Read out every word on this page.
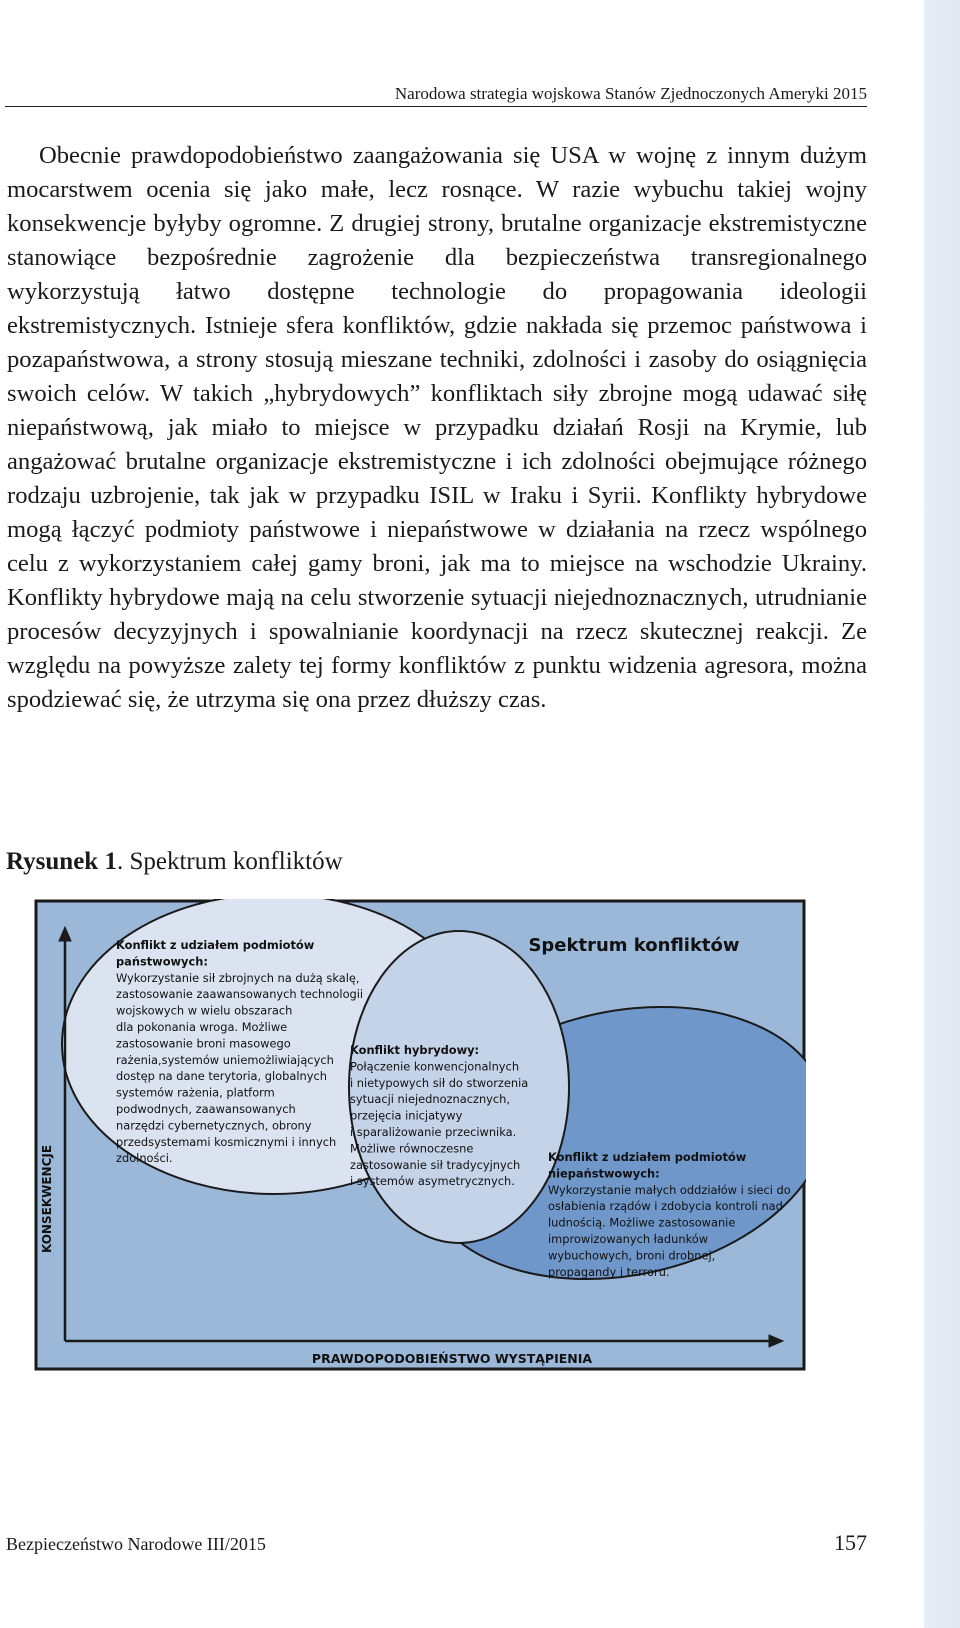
Narodowa strategia wojskowa Stanów Zjednoczonych Ameryki 2015

Obecnie prawdopodobieństwo zaangażowania się USA w wojnę z innym dużym mocarstwem ocenia się jako małe, lecz rosnące. W razie wybuchu takiej wojny konsekwencje byłyby ogromne. Z drugiej strony, brutalne organizacje ekstremistyczne stanowiące bezpośrednie zagrożenie dla bezpieczeństwa transregionalnego wykorzystują łatwo dostępne technologie do propagowania ideologii ekstremistycznych. Istnieje sfera konfliktów, gdzie nakłada się przemoc państwowa i pozapaństwowa, a strony stosują mieszane techniki, zdolności i zasoby do osiągnięcia swoich celów. W takich „hybrydowych” konfliktach siły zbrojne mogą udawać siłę niepaństwową, jak miało to miejsce w przypadku działań Rosji na Krymie, lub angażować brutalne organizacje ekstremistyczne i ich zdolności obejmujące różnego rodzaju uzbrojenie, tak jak w przypadku ISIL w Iraku i Syrii. Konflikty hybrydowe mogą łączyć podmioty państwowe i niepaństwowe w działania na rzecz wspólnego celu z wykorzystaniem całej gamy broni, jak ma to miejsce na wschodzie Ukrainy. Konflikty hybrydowe mają na celu stworzenie sytuacji niejednoznacznych, utrudnianie procesów decyzyjnych i spowalnianie koordynacji na rzecz skutecznej reakcji. Ze względu na powyższe zalety tej formy konfliktów z punktu widzenia agresora, można spodziewać się, że utrzyma się ona przez dłuższy czas.

Rysunek 1. Spektrum konfliktów
Spektrum konfliktów
KONSEKWENCJE
PRAWDOPODOBIEŃSTWO WYSTĄPIENIA
Konflikt z udziałem podmiotów państwowych: Wykorzystanie sił zbrojnych na dużą skalę, zastosowanie zaawansowanych technologii wojskowych w wielu obszarach dla pokonania wroga. Możliwe zastosowanie broni masowego rażenia,systemów uniemożliwiających dostęp na dane terytoria, globalnych systemów rażenia, platform podwodnych, zaawansowanych narzędzi cybernetycznych, obrony przedsystemami kosmicznymi i innych zdolności.
Konflikt hybrydowy: Połączenie konwencjonalnych i nietypowych sił do stworzenia sytuacji niejednoznacznych, przejęcia inicjatywy i sparaliżowanie przeciwnika. Możliwe równoczesne zastosowanie sił tradycyjnych i systemów asymetrycznych.
Konflikt z udziałem podmiotów niepaństwowych: Wykorzystanie małych oddziałów i sieci do osłabienia rządów i zdobycia kontroli nad ludnością. Możliwe zastosowanie improwizowanych ładunków wybuchowych, broni drobnej, propagandy i terroru.
Bezpieczeństwo Narodowe III/2015	157
